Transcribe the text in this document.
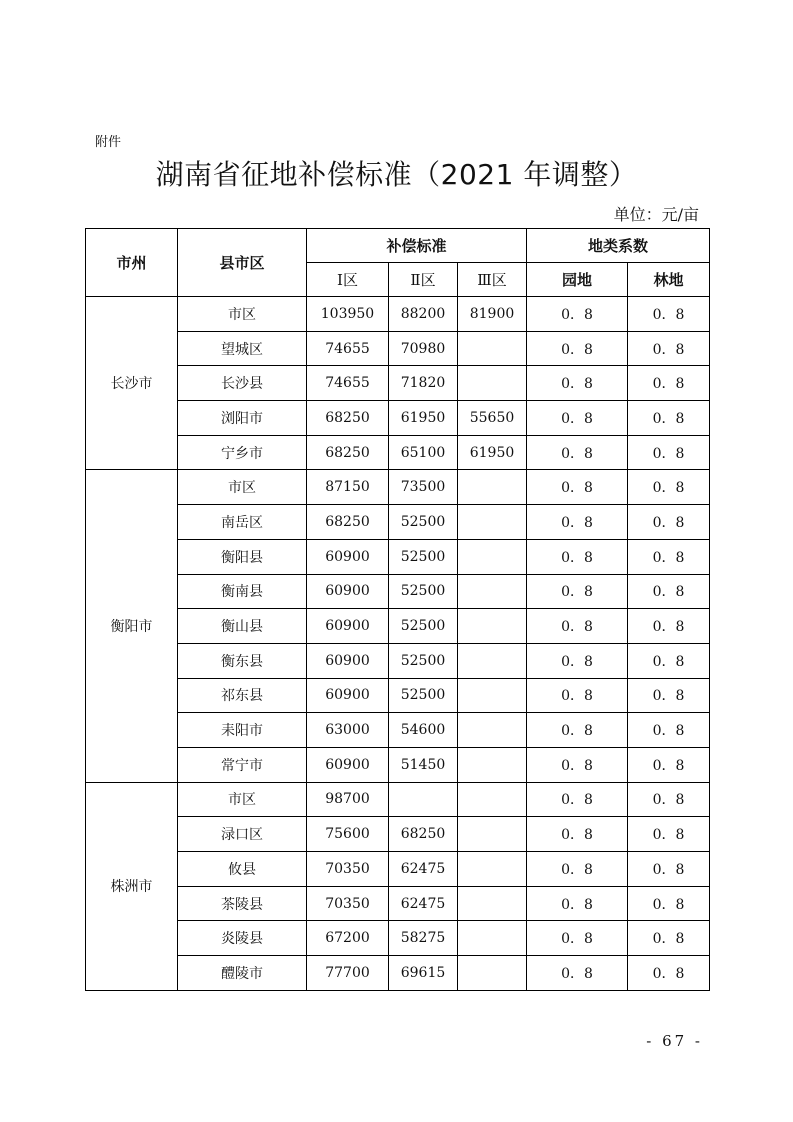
附件
湖南省征地补偿标准（2021 年调整）
单位：元/亩
市州	县市区	补偿标准			地类系数	
		Ⅰ区	Ⅱ区	Ⅲ区	园地	林地
长沙市	市区	103950	88200	81900	0．8	0．8
	望城区	74655	70980		0．8	0．8
	长沙县	74655	71820		0．8	0．8
	浏阳市	68250	61950	55650	0．8	0．8
	宁乡市	68250	65100	61950	0．8	0．8
衡阳市	市区	87150	73500		0．8	0．8
	南岳区	68250	52500		0．8	0．8
	衡阳县	60900	52500		0．8	0．8
	衡南县	60900	52500		0．8	0．8
	衡山县	60900	52500		0．8	0．8
	衡东县	60900	52500		0．8	0．8
	祁东县	60900	52500		0．8	0．8
	耒阳市	63000	54600		0．8	0．8
	常宁市	60900	51450		0．8	0．8
株洲市	市区	98700			0．8	0．8
	渌口区	75600	68250		0．8	0．8
	攸县	70350	62475		0．8	0．8
	茶陵县	70350	62475		0．8	0．8
	炎陵县	67200	58275		0．8	0．8
	醴陵市	77700	69615		0．8	0．8
- 67 -
